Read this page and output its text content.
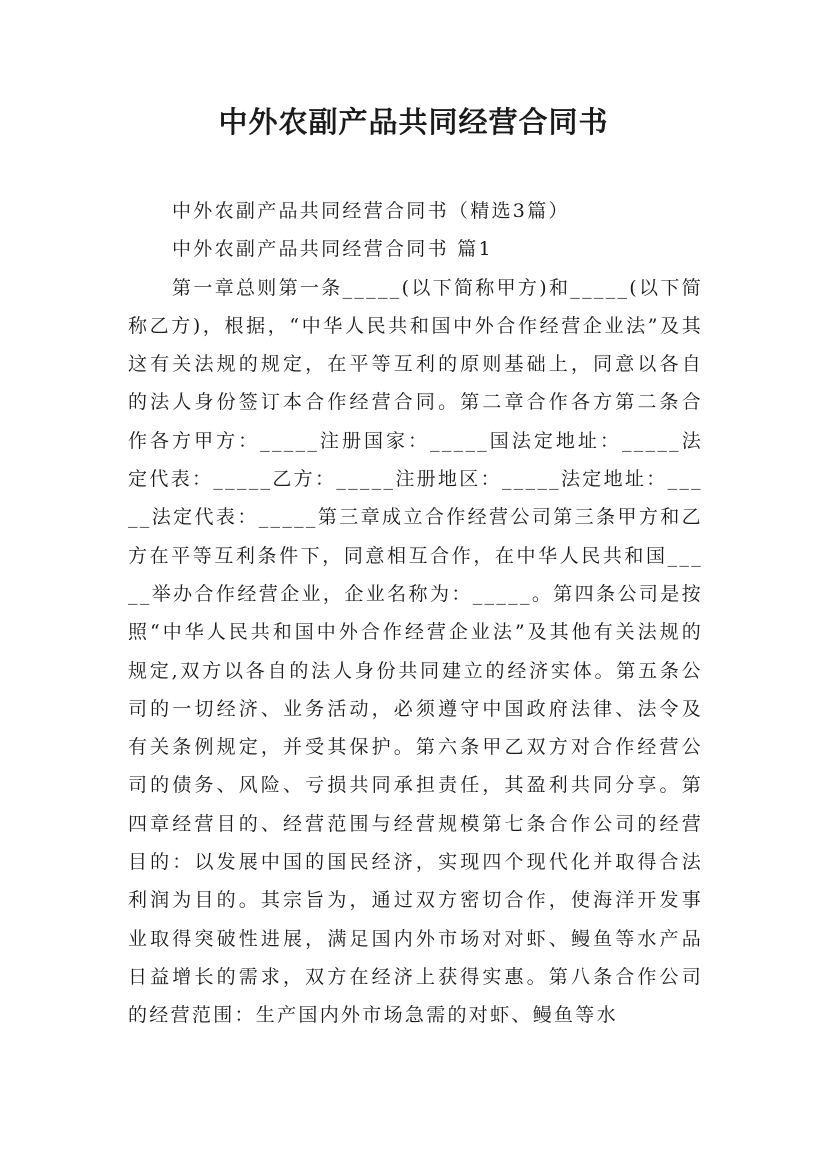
中外农副产品共同经营合同书

中外农副产品共同经营合同书（精选3篇）

中外农副产品共同经营合同书 篇1

第一章总则第一条_____(以下简称甲方)和_____(以下简称乙方)，根据，“中华人民共和国中外合作经营企业法”及其这有关法规的规定，在平等互利的原则基础上，同意以各自的法人身份签订本合作经营合同。第二章合作各方第二条合作各方甲方：_____注册国家：_____国法定地址：_____法定代表：_____乙方：_____注册地区：_____法定地址：_____法定代表：_____第三章成立合作经营公司第三条甲方和乙方在平等互利条件下，同意相互合作，在中华人民共和国_____举办合作经营企业，企业名称为：_____。第四条公司是按照“中华人民共和国中外合作经营企业法”及其他有关法规的规定,双方以各自的法人身份共同建立的经济实体。第五条公司的一切经济、业务活动，必须遵守中国政府法律、法令及有关条例规定，并受其保护。第六条甲乙双方对合作经营公司的债务、风险、亏损共同承担责任，其盈利共同分享。第四章经营目的、经营范围与经营规模第七条合作公司的经营目的：以发展中国的国民经济，实现四个现代化并取得合法利润为目的。其宗旨为，通过双方密切合作，使海洋开发事业取得突破性进展，满足国内外市场对对虾、鳗鱼等水产品日益增长的需求，双方在经济上获得实惠。第八条合作公司的经营范围：生产国内外市场急需的对虾、鳗鱼等水
